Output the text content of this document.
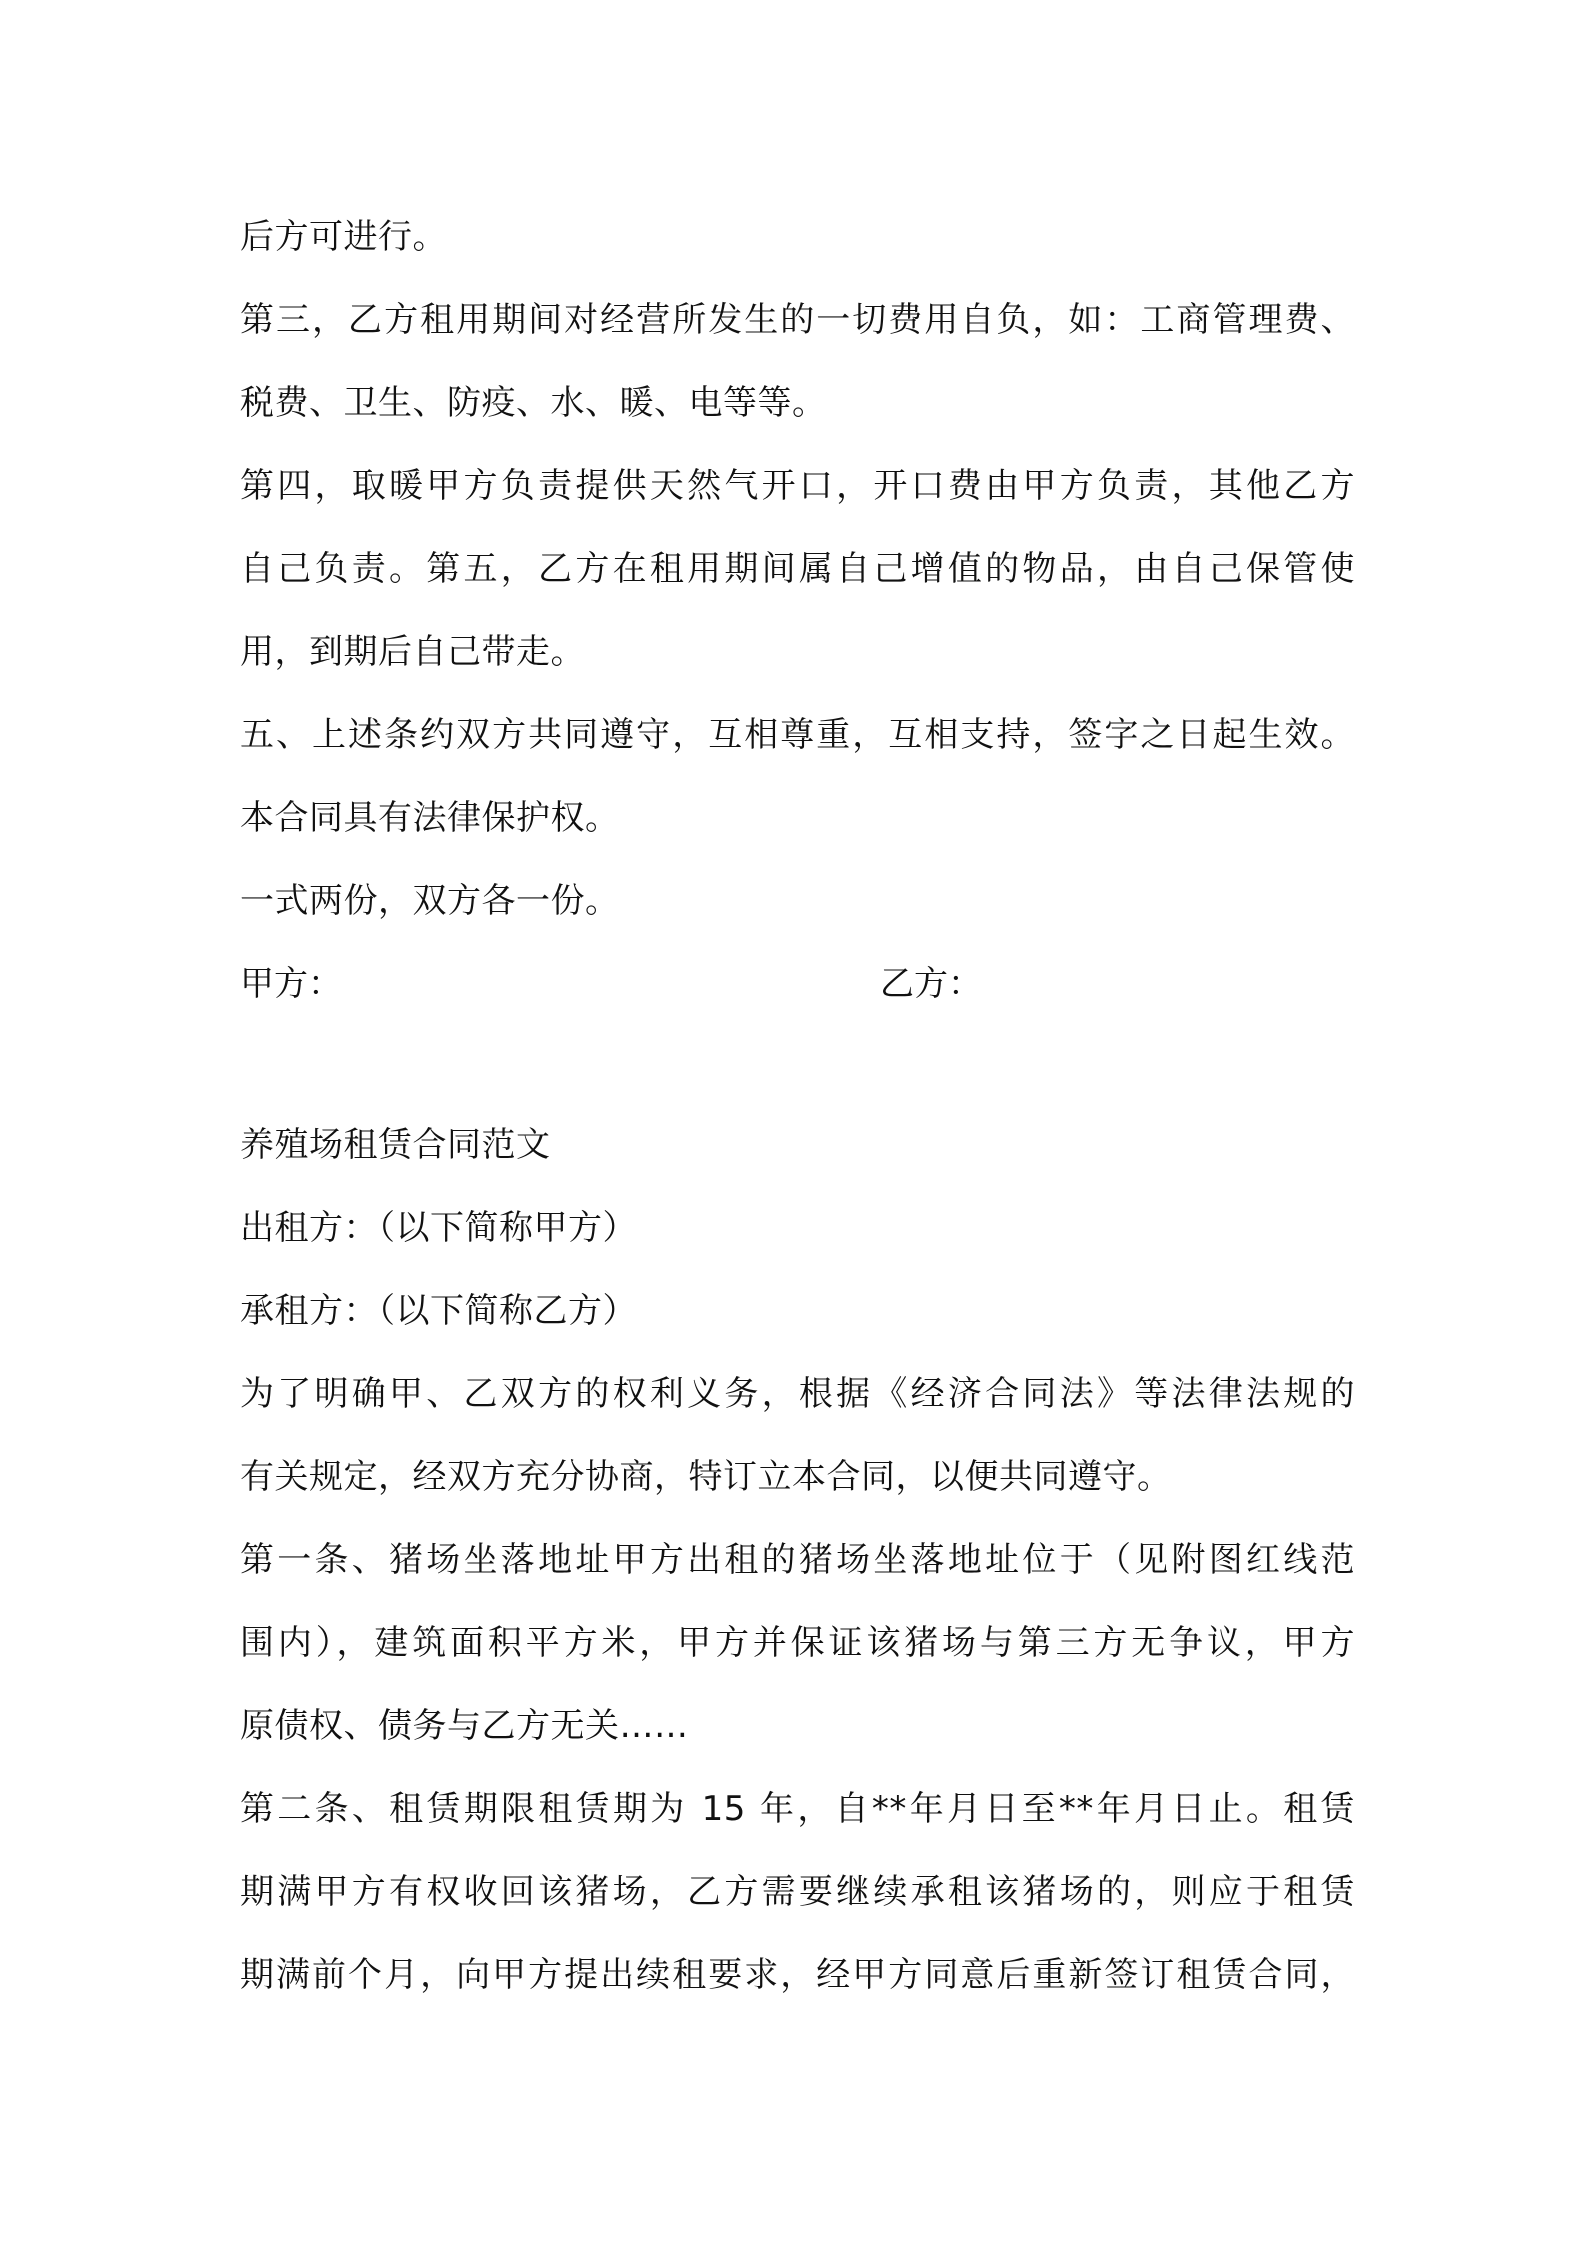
后方可进行。
第三，乙方租用期间对经营所发生的一切费用自负，如：工商管理费、
税费、卫生、防疫、水、暖、电等等。
第四，取暖甲方负责提供天然气开口，开口费由甲方负责，其他乙方
自己负责。第五，乙方在租用期间属自己增值的物品，由自己保管使
用，到期后自己带走。
五、上述条约双方共同遵守，互相尊重，互相支持，签字之日起生效。
本合同具有法律保护权。
一式两份，双方各一份。
甲方：	乙方：
养殖场租赁合同范文
出租方：（以下简称甲方）
承租方：（以下简称乙方）
为了明确甲、乙双方的权利义务，根据《经济合同法》等法律法规的
有关规定，经双方充分协商，特订立本合同，以便共同遵守。
第一条、猪场坐落地址甲方出租的猪场坐落地址位于（见附图红线范
围内），建筑面积平方米，甲方并保证该猪场与第三方无争议，甲方
原债权、债务与乙方无关……
第二条、租赁期限租赁期为 15 年，自**年月日至**年月日止。租赁
期满甲方有权收回该猪场，乙方需要继续承租该猪场的，则应于租赁
期满前个月，向甲方提出续租要求，经甲方同意后重新签订租赁合同，
